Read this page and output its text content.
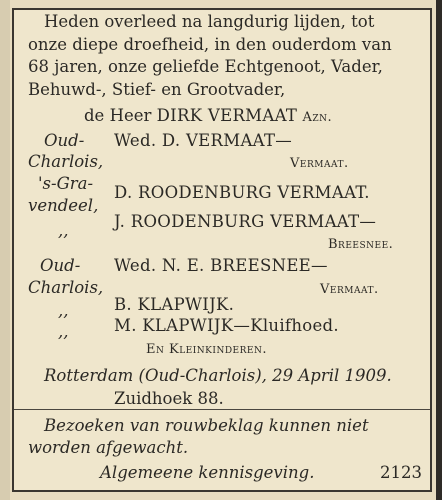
Heden overleed na langdurig lijden, tot
onze diepe droefheid, in den ouderdom van
68 jaren, onze geliefde Echtgenoot, Vader,
Behuwd-, Stief- en Grootvader,
de Heer DIRK VERMAAT Azn.
Oud-
Charlois,
's-Gra-
vendeel,
,,
Oud-
Charlois,
,,
,,
Wed. D. VERMAAT—
Vermaat.
D. ROODENBURG VERMAAT.
J. ROODENBURG VERMAAT—
Breesnee.
Wed. N. E. BREESNEE—
Vermaat.
B. KLAPWIJK.
M. KLAPWIJK—Kluifhoed.
En Kleinkinderen.
Rotterdam (Oud-Charlois), 29 April 1909.
Zuidhoek 88.
Bezoeken van rouwbeklag kunnen niet
worden afgewacht.
Algemeene kennisgeving.	2123
